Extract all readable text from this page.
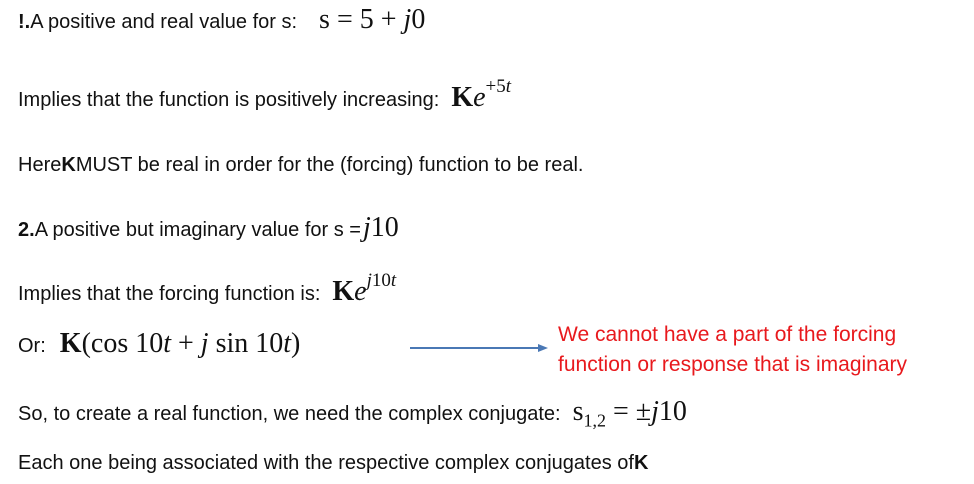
!. A positive and real value for s: s = 5 + j0
Implies that the function is positively increasing: $Ke^{+5t}$
Here K MUST be real in order for the (forcing) function to be real.
2. A positive but imaginary value for s = j10
Implies that the forcing function is: $Ke^{j10t}$
Or: K(cos 10t + j sin 10t)	We cannot have a part of the forcing
function or response that is imaginary
So, to create a real function, we need the complex conjugate: $s_{1,2} = \pm j10$
Each one being associated with the respective complex conjugates of K
